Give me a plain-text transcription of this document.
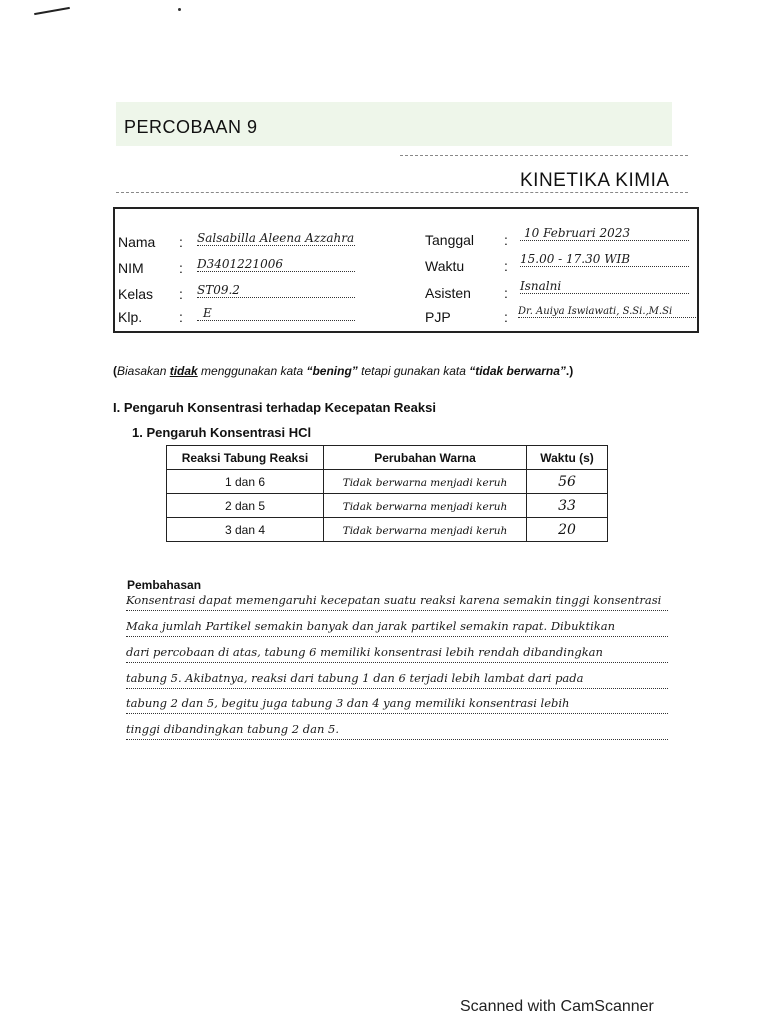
PERCOBAAN 9
KINETIKA KIMIA
Nama : Salsabilla Aleena Azzahra
NIM	: D3401221006
Kelas : ST09.2
Klp.	:	E
Tanggal :	10 Februari 2023
Waktu	: 15.00 - 17.30 WIB
Asisten : Isnalni
PJP	: Dr. Auiya Iswiawati, S.Si.,M.Si
(Biasakan tidak menggunakan kata “bening” tetapi gunakan kata “tidak berwarna”.)
I. Pengaruh Konsentrasi terhadap Kecepatan Reaksi
1. Pengaruh Konsentrasi HCl
Reaksi Tabung Reaksi	Perubahan Warna	Waktu (s)
1 dan 6	Tidak berwarna menjadi keruh	56
2 dan 5	Tidak berwarna menjadi keruh	33
3 dan 4	Tidak berwarna menjadi keruh	20
Pembahasan
Konsentrasi dapat memengaruhi kecepatan suatu reaksi karena semakin tinggi konsentrasi
Maka jumlah Partikel semakin banyak dan jarak partikel semakin rapat. Dibuktikan
dari percobaan di atas, tabung 6 memiliki konsentrasi lebih rendah dibandingkan
tabung 5. Akibatnya, reaksi dari tabung 1 dan 6 terjadi lebih lambat dari pada
tabung 2 dan 5, begitu juga tabung 3 dan 4 yang memiliki konsentrasi lebih
tinggi dibandingkan tabung 2 dan 5.
Scanned with CamScanner
